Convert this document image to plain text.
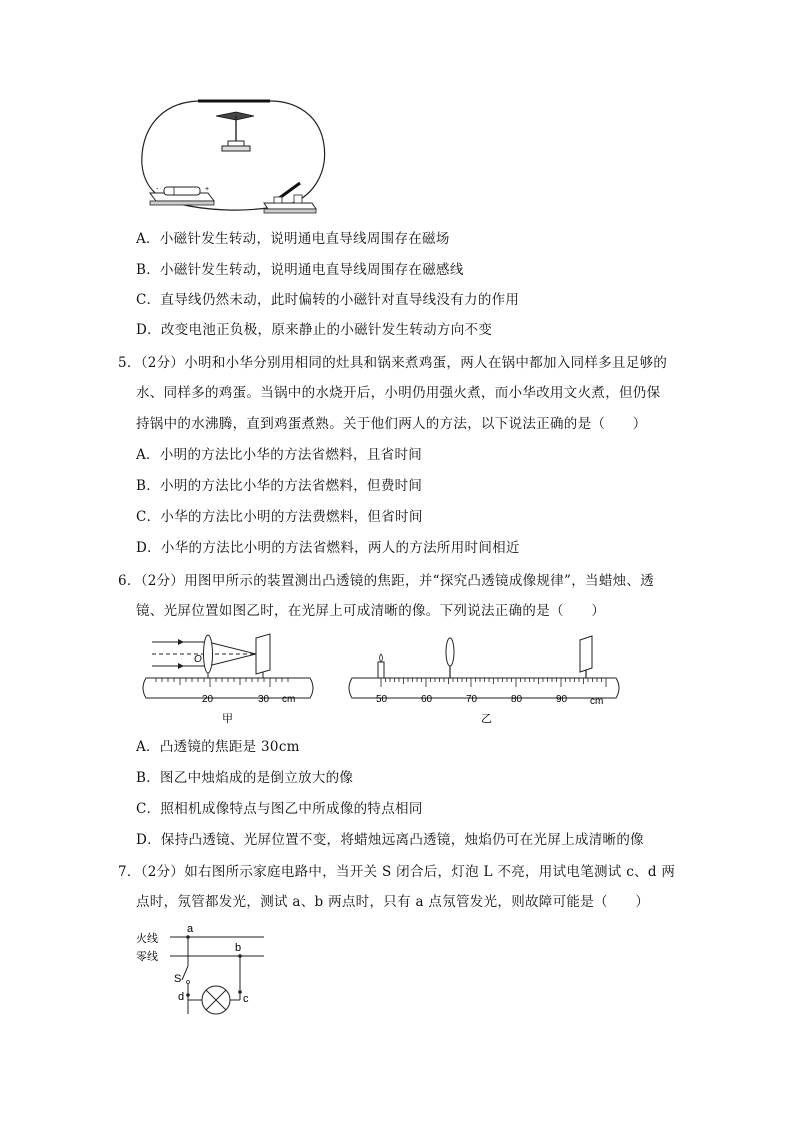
-	+
A．小磁针发生转动，说明通电直导线周围存在磁场
B．小磁针发生转动，说明通电直导线周围存在磁感线
C．直导线仍然未动，此时偏转的小磁针对直导线没有力的作用
D．改变电池正负极，原来静止的小磁针发生转动方向不变
5．（2分）小明和小华分别用相同的灶具和锅来煮鸡蛋，两人在锅中都加入同样多且足够的
水、同样多的鸡蛋。当锅中的水烧开后，小明仍用强火煮，而小华改用文火煮，但仍保
持锅中的水沸腾，直到鸡蛋煮熟。关于他们两人的方法，以下说法正确的是（　　）
A．小明的方法比小华的方法省燃料，且省时间
B．小明的方法比小华的方法省燃料，但费时间
C．小华的方法比小明的方法费燃料，但省时间
D．小华的方法比小明的方法省燃料，两人的方法所用时间相近
6．（2分）用图甲所示的装置测出凸透镜的焦距，并“探究凸透镜成像规律”，当蜡烛、透
镜、光屏位置如图乙时，在光屏上可成清晰的像。下列说法正确的是（　　）
O
20	30 cm
甲
50	60	70	80	90 cm
乙
A．凸透镜的焦距是 30cm
B．图乙中烛焰成的是倒立放大的像
C．照相机成像特点与图乙中所成像的特点相同
D．保持凸透镜、光屏位置不变，将蜡烛远离凸透镜，烛焰仍可在光屏上成清晰的像
7．（2分）如右图所示家庭电路中，当开关 S 闭合后，灯泡 L 不亮，用试电笔测试 c、d 两
点时，氖管都发光，测试 a、b 两点时，只有 a 点氖管发光，则故障可能是（　　）
火线
零线
a
b
S
d	c
